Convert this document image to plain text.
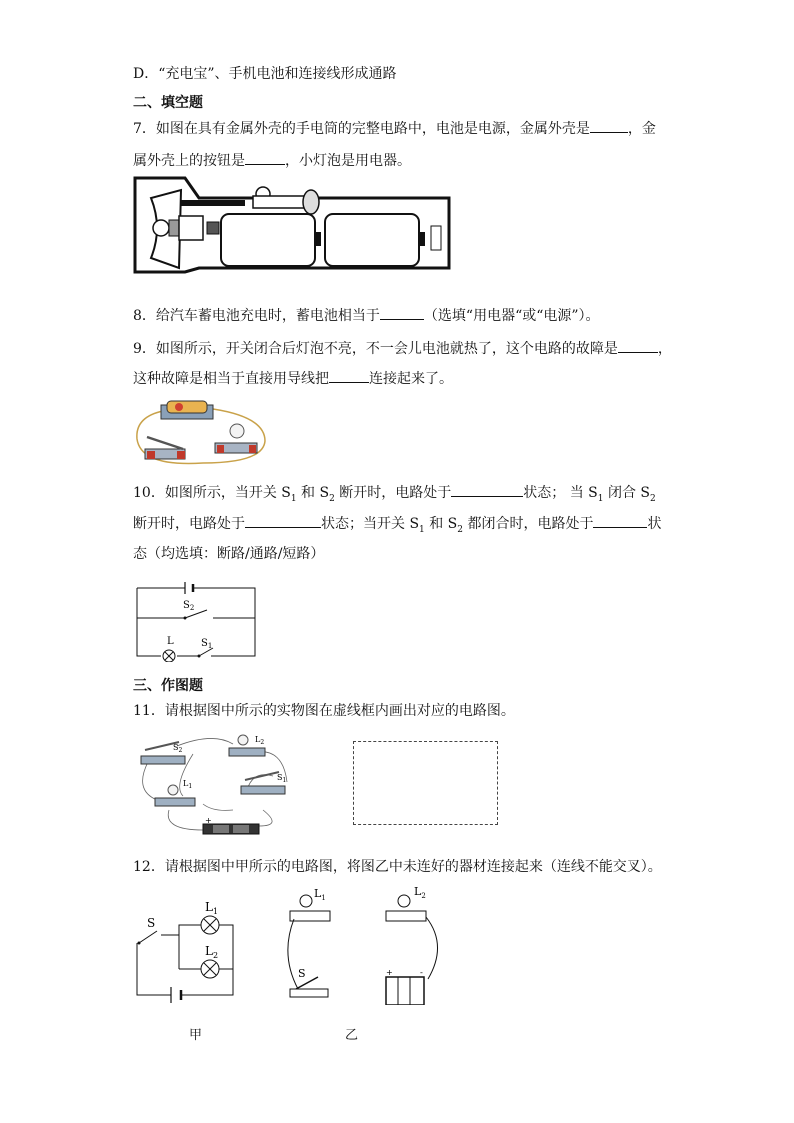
D．“充电宝”、手机电池和连接线形成通路
二、填空题
7．如图在具有金属外壳的手电筒的完整电路中，电池是电源，金属外壳是	，金
属外壳上的按钮是	，小灯泡是用电器。
8．给汽车蓄电池充电时，蓄电池相当于	（选填“用电器“或“电源”）。
9．如图所示，开关闭合后灯泡不亮，不一会儿电池就热了，这个电路的故障是	，
这种故障是相当于直接用导线把	连接起来了。
10．如图所示，当开关 $S_1$ 和 $S_2$ 断开时，电路处于	状态； 当 $S_1$ 闭合 $S_2$
断开时，电路处于	状态；当开关 $S_1$ 和 $S_2$ 都闭合时，电路处于	状
态（均选填：断路/通路/短路）
三、作图题
11．请根据图中所示的实物图在虚线框内画出对应的电路图。
12．请根据图中甲所示的电路图，将图乙中未连好的器材连接起来（连线不能交叉）。
$S_2$
L	$S_1$
$S_2$
$L_2$
$S_1$
$L_1$
+
S
$L_1$
$L_2$
甲
$L_1$
S
$L_2$
+	-
乙
